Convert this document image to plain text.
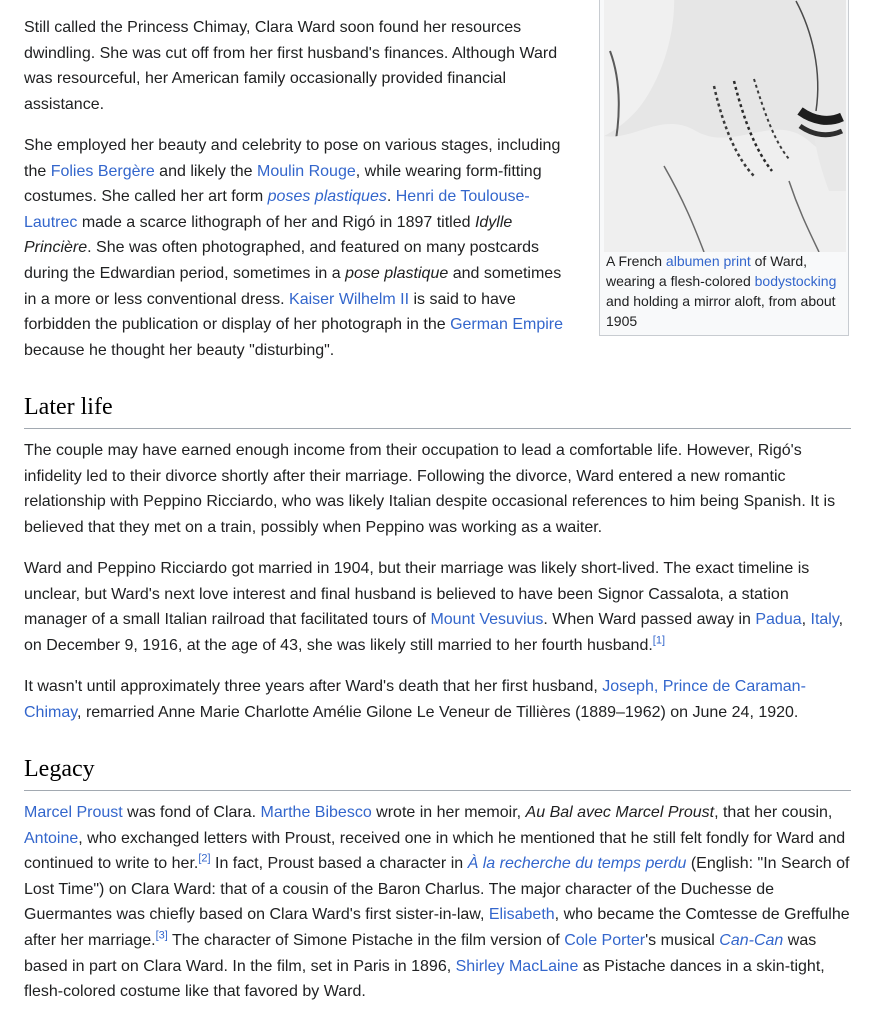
A French albumen print of Ward, wearing a flesh-colored bodystocking and holding a mirror aloft, from about 1905

Still called the Princess Chimay, Clara Ward soon found her resources dwindling. She was cut off from her first husband's finances. Although Ward was resourceful, her American family occasionally provided financial assistance.

She employed her beauty and celebrity to pose on various stages, including the Folies Bergère and likely the Moulin Rouge, while wearing form-fitting costumes. She called her art form poses plastiques. Henri de Toulouse-Lautrec made a scarce lithograph of her and Rigó in 1897 titled Idylle Princière. She was often photographed, and featured on many postcards during the Edwardian period, sometimes in a pose plastique and sometimes in a more or less conventional dress. Kaiser Wilhelm II is said to have forbidden the publication or display of her photograph in the German Empire because he thought her beauty "disturbing".

Later life

The couple may have earned enough income from their occupation to lead a comfortable life. However, Rigó's infidelity led to their divorce shortly after their marriage. Following the divorce, Ward entered a new romantic relationship with Peppino Ricciardo, who was likely Italian despite occasional references to him being Spanish. It is believed that they met on a train, possibly when Peppino was working as a waiter.

Ward and Peppino Ricciardo got married in 1904, but their marriage was likely short-lived. The exact timeline is unclear, but Ward's next love interest and final husband is believed to have been Signor Cassalota, a station manager of a small Italian railroad that facilitated tours of Mount Vesuvius. When Ward passed away in Padua, Italy, on December 9, 1916, at the age of 43, she was likely still married to her fourth husband.[1]

It wasn't until approximately three years after Ward's death that her first husband, Joseph, Prince de Caraman-Chimay, remarried Anne Marie Charlotte Amélie Gilone Le Veneur de Tillières (1889–1962) on June 24, 1920.

Legacy

Marcel Proust was fond of Clara. Marthe Bibesco wrote in her memoir, Au Bal avec Marcel Proust, that her cousin, Antoine, who exchanged letters with Proust, received one in which he mentioned that he still felt fondly for Ward and continued to write to her.[2] In fact, Proust based a character in À la recherche du temps perdu (English: "In Search of Lost Time") on Clara Ward: that of a cousin of the Baron Charlus. The major character of the Duchesse de Guermantes was chiefly based on Clara Ward's first sister-in-law, Elisabeth, who became the Comtesse de Greffulhe after her marriage.[3] The character of Simone Pistache in the film version of Cole Porter's musical Can-Can was based in part on Clara Ward. In the film, set in Paris in 1896, Shirley MacLaine as Pistache dances in a skin-tight, flesh-colored costume like that favored by Ward.
